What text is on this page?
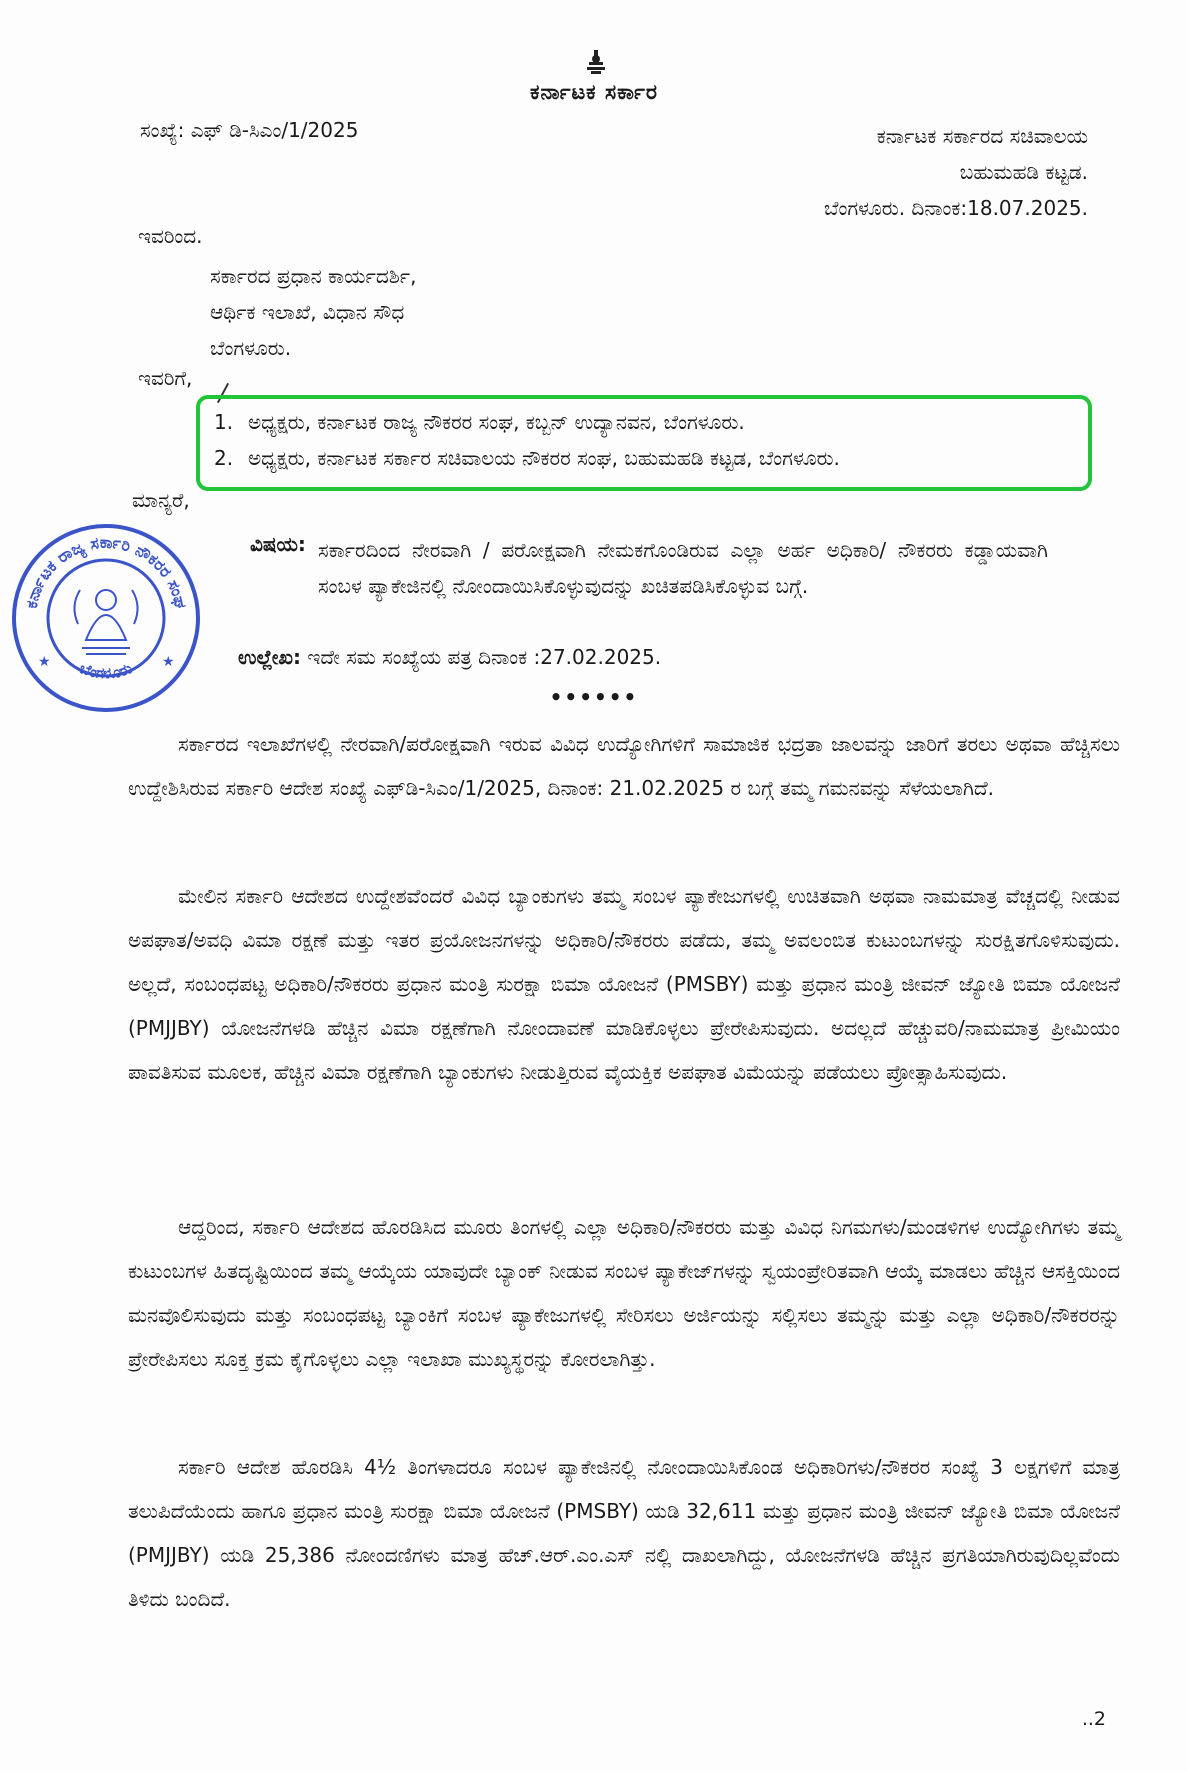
ಕರ್ನಾಟಕ ಸರ್ಕಾರ
ಸಂಖ್ಯೆ: ಎಫ್ ಡಿ-ಸಿಎಂ/1/2025	ಕರ್ನಾಟಕ ಸರ್ಕಾರದ ಸಚಿವಾಲಯ
ಬಹುಮಹಡಿ ಕಟ್ಟಡ.
ಬೆಂಗಳೂರು. ದಿನಾಂಕ:18.07.2025.
ಇವರಿಂದ.
ಸರ್ಕಾರದ ಪ್ರಧಾನ ಕಾರ್ಯದರ್ಶಿ,
ಆರ್ಥಿಕ ಇಲಾಖೆ, ವಿಧಾನ ಸೌಧ
ಬೆಂಗಳೂರು.
ಇವರಿಗೆ,
1. ಅಧ್ಯಕ್ಷರು, ಕರ್ನಾಟಕ ರಾಜ್ಯ ನೌಕರರ ಸಂಘ, ಕಬ್ಬನ್ ಉದ್ಯಾನವನ, ಬೆಂಗಳೂರು.
2. ಅಧ್ಯಕ್ಷರು, ಕರ್ನಾಟಕ ಸರ್ಕಾರ ಸಚಿವಾಲಯ ನೌಕರರ ಸಂಘ, ಬಹುಮಹಡಿ ಕಟ್ಟಡ, ಬೆಂಗಳೂರು.
ಮಾನ್ಯರೆ,
ಕರ್ನಾಟಕ ರಾಜ್ಯ ಸರ್ಕಾರಿ ನೌಕರರ ಸಂಘ
ಬೆಂಗಳೂರು
★	★
ವಿಷಯ: ಸರ್ಕಾರದಿಂದ ನೇರವಾಗಿ / ಪರೋಕ್ಷವಾಗಿ ನೇಮಕಗೊಂಡಿರುವ ಎಲ್ಲಾ ಅರ್ಹ ಅಧಿಕಾರಿ/ ನೌಕರರು ಕಡ್ಡಾಯವಾಗಿ ಸಂಬಳ ಪ್ಯಾಕೇಜಿನಲ್ಲಿ ನೋಂದಾಯಿಸಿಕೊಳ್ಳುವುದನ್ನು ಖಚಿತಪಡಿಸಿಕೊಳ್ಳುವ ಬಗ್ಗೆ.
ಉಲ್ಲೇಖ: ಇದೇ ಸಮ ಸಂಖ್ಯೆಯ ಪತ್ರ ದಿನಾಂಕ :27.02.2025.
••••••
ಸರ್ಕಾರದ ಇಲಾಖೆಗಳಲ್ಲಿ ನೇರವಾಗಿ/ಪರೋಕ್ಷವಾಗಿ ಇರುವ ವಿವಿಧ ಉದ್ಯೋಗಿಗಳಿಗೆ ಸಾಮಾಜಿಕ ಭದ್ರತಾ ಜಾಲವನ್ನು ಜಾರಿಗೆ ತರಲು ಅಥವಾ ಹೆಚ್ಚಿಸಲು ಉದ್ದೇಶಿಸಿರುವ ಸರ್ಕಾರಿ ಆದೇಶ ಸಂಖ್ಯೆ ಎಫ್‌ಡಿ-ಸಿಎಂ/1/2025, ದಿನಾಂಕ: 21.02.2025 ರ ಬಗ್ಗೆ ತಮ್ಮ ಗಮನವನ್ನು ಸೆಳೆಯಲಾಗಿದೆ.
ಮೇಲಿನ ಸರ್ಕಾರಿ ಆದೇಶದ ಉದ್ದೇಶವೆಂದರೆ ವಿವಿಧ ಬ್ಯಾಂಕುಗಳು ತಮ್ಮ ಸಂಬಳ ಪ್ಯಾಕೇಜುಗಳಲ್ಲಿ ಉಚಿತವಾಗಿ ಅಥವಾ ನಾಮಮಾತ್ರ ವೆಚ್ಚದಲ್ಲಿ ನೀಡುವ ಅಪಘಾತ/ಅವಧಿ ವಿಮಾ ರಕ್ಷಣೆ ಮತ್ತು ಇತರ ಪ್ರಯೋಜನಗಳನ್ನು ಅಧಿಕಾರಿ/ನೌಕರರು ಪಡೆದು, ತಮ್ಮ ಅವಲಂಬಿತ ಕುಟುಂಬಗಳನ್ನು ಸುರಕ್ಷಿತಗೊಳಿಸುವುದು. ಅಲ್ಲದೆ, ಸಂಬಂಧಪಟ್ಟ ಅಧಿಕಾರಿ/ನೌಕರರು ಪ್ರಧಾನ ಮಂತ್ರಿ ಸುರಕ್ಷಾ ಬಿಮಾ ಯೋಜನೆ (PMSBY) ಮತ್ತು ಪ್ರಧಾನ ಮಂತ್ರಿ ಜೀವನ್ ಜ್ಯೋತಿ ಬಿಮಾ ಯೋಜನೆ (PMJJBY) ಯೋಜನೆಗಳಡಿ ಹೆಚ್ಚಿನ ವಿಮಾ ರಕ್ಷಣೆಗಾಗಿ ನೋಂದಾವಣೆ ಮಾಡಿಕೊಳ್ಳಲು ಪ್ರೇರೇಪಿಸುವುದು. ಅದಲ್ಲದೆ ಹೆಚ್ಚುವರಿ/ನಾಮಮಾತ್ರ ಪ್ರೀಮಿಯಂ ಪಾವತಿಸುವ ಮೂಲಕ, ಹೆಚ್ಚಿನ ವಿಮಾ ರಕ್ಷಣೆಗಾಗಿ ಬ್ಯಾಂಕುಗಳು ನೀಡುತ್ತಿರುವ ವೈಯಕ್ತಿಕ ಅಪಘಾತ ವಿಮೆಯನ್ನು ಪಡೆಯಲು ಪ್ರೋತ್ಸಾಹಿಸುವುದು.
ಆದ್ದರಿಂದ, ಸರ್ಕಾರಿ ಆದೇಶದ ಹೊರಡಿಸಿದ ಮೂರು ತಿಂಗಳಲ್ಲಿ ಎಲ್ಲಾ ಅಧಿಕಾರಿ/ನೌಕರರು ಮತ್ತು ವಿವಿಧ ನಿಗಮಗಳು/ಮಂಡಳಿಗಳ ಉದ್ಯೋಗಿಗಳು ತಮ್ಮ ಕುಟುಂಬಗಳ ಹಿತದೃಷ್ಟಿಯಿಂದ ತಮ್ಮ ಆಯ್ಕೆಯ ಯಾವುದೇ ಬ್ಯಾಂಕ್ ನೀಡುವ ಸಂಬಳ ಪ್ಯಾಕೇಜ್‌ಗಳನ್ನು ಸ್ವಯಂಪ್ರೇರಿತವಾಗಿ ಆಯ್ಕೆ ಮಾಡಲು ಹೆಚ್ಚಿನ ಆಸಕ್ತಿಯಿಂದ ಮನವೊಲಿಸುವುದು ಮತ್ತು ಸಂಬಂಧಪಟ್ಟ ಬ್ಯಾಂಕಿಗೆ ಸಂಬಳ ಪ್ಯಾಕೇಜುಗಳಲ್ಲಿ ಸೇರಿಸಲು ಅರ್ಜಿಯನ್ನು ಸಲ್ಲಿಸಲು ತಮ್ಮನ್ನು ಮತ್ತು ಎಲ್ಲಾ ಅಧಿಕಾರಿ/ನೌಕರರನ್ನು ಪ್ರೇರೇಪಿಸಲು ಸೂಕ್ತ ಕ್ರಮ ಕೈಗೊಳ್ಳಲು ಎಲ್ಲಾ ಇಲಾಖಾ ಮುಖ್ಯಸ್ಥರನ್ನು ಕೋರಲಾಗಿತ್ತು.
ಸರ್ಕಾರಿ ಆದೇಶ ಹೊರಡಿಸಿ 4½ ತಿಂಗಳಾದರೂ ಸಂಬಳ ಪ್ಯಾಕೇಜಿನಲ್ಲಿ ನೋಂದಾಯಿಸಿಕೊಂಡ ಅಧಿಕಾರಿಗಳು/ನೌಕರರ ಸಂಖ್ಯೆ 3 ಲಕ್ಷಗಳಿಗೆ ಮಾತ್ರ ತಲುಪಿದೆಯೆಂದು ಹಾಗೂ ಪ್ರಧಾನ ಮಂತ್ರಿ ಸುರಕ್ಷಾ ಬಿಮಾ ಯೋಜನೆ (PMSBY) ಯಡಿ 32,611 ಮತ್ತು ಪ್ರಧಾನ ಮಂತ್ರಿ ಜೀವನ್ ಜ್ಯೋತಿ ಬಿಮಾ ಯೋಜನೆ (PMJJBY) ಯಡಿ 25,386 ನೋಂದಣಿಗಳು ಮಾತ್ರ ಹೆಚ್.ಆರ್.ಎಂ.ಎಸ್ ನಲ್ಲಿ ದಾಖಲಾಗಿದ್ದು, ಯೋಜನೆಗಳಡಿ ಹೆಚ್ಚಿನ ಪ್ರಗತಿಯಾಗಿರುವುದಿಲ್ಲವೆಂದು ತಿಳಿದು ಬಂದಿದೆ.
..2
